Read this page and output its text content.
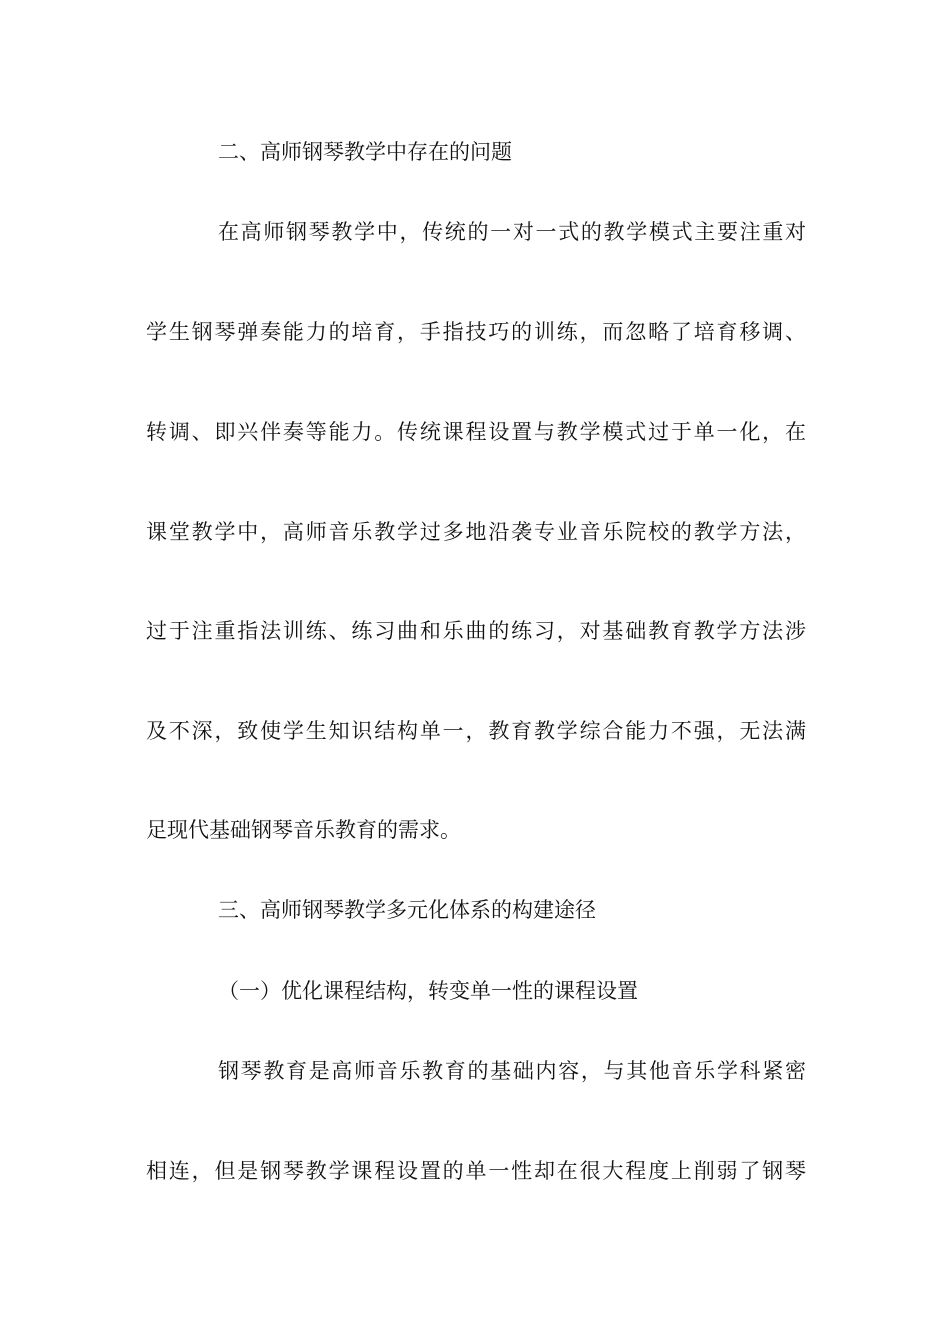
二、高师钢琴教学中存在的问题
在高师钢琴教学中，传统的一对一式的教学模式主要注重对
学生钢琴弹奏能力的培育，手指技巧的训练，而忽略了培育移调、
转调、即兴伴奏等能力。传统课程设置与教学模式过于单一化，在
课堂教学中，高师音乐教学过多地沿袭专业音乐院校的教学方法，
过于注重指法训练、练习曲和乐曲的练习，对基础教育教学方法涉
及不深，致使学生知识结构单一，教育教学综合能力不强，无法满
足现代基础钢琴音乐教育的需求。
三、高师钢琴教学多元化体系的构建途径
（一）优化课程结构，转变单一性的课程设置
钢琴教育是高师音乐教育的基础内容，与其他音乐学科紧密
相连，但是钢琴教学课程设置的单一性却在很大程度上削弱了钢琴
